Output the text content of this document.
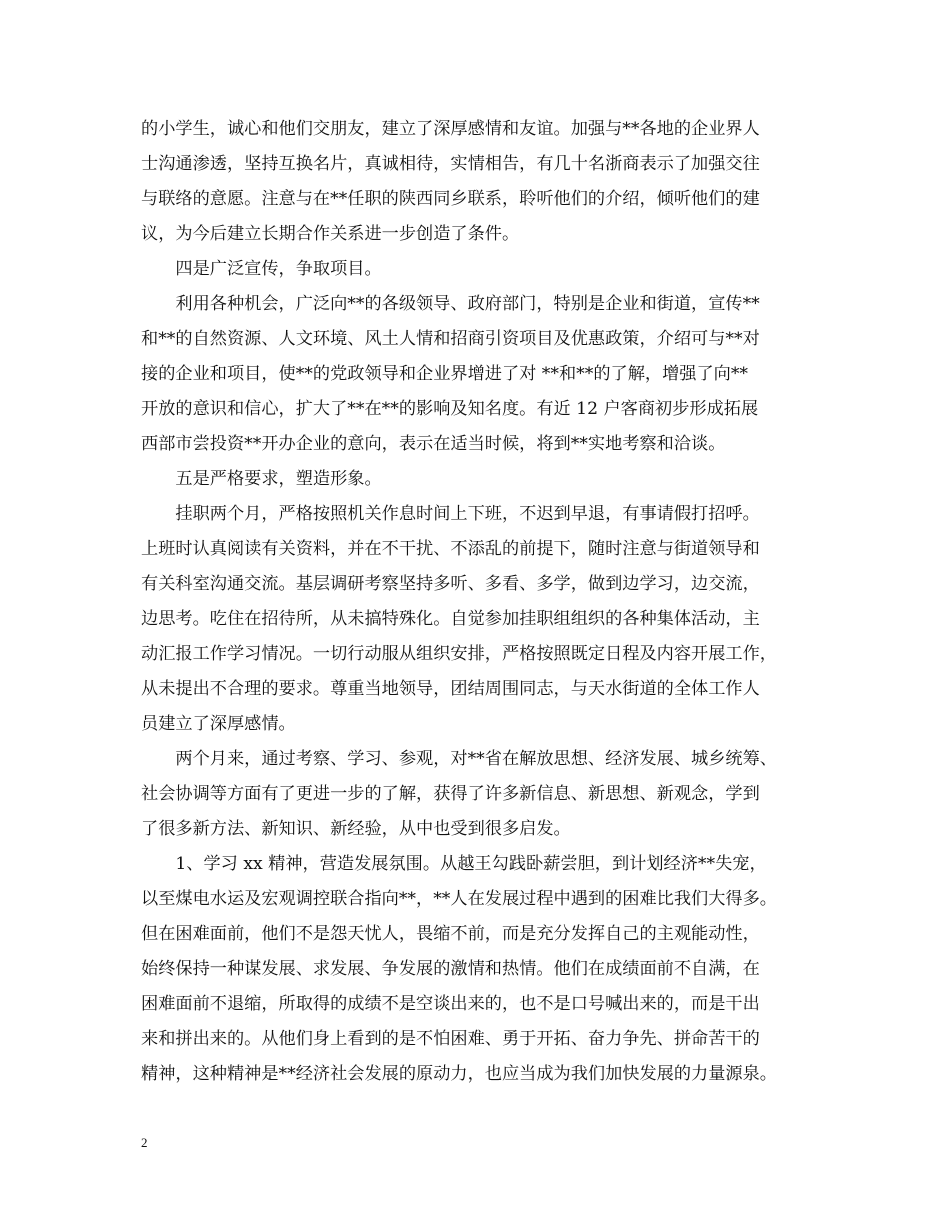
的小学生，诚心和他们交朋友，建立了深厚感情和友谊。加强与**各地的企业界人
士沟通渗透，坚持互换名片，真诚相待，实情相告，有几十名浙商表示了加强交往
与联络的意愿。注意与在**任职的陕西同乡联系，聆听他们的介绍，倾听他们的建
议，为今后建立长期合作关系进一步创造了条件。
　　四是广泛宣传，争取项目。
　　利用各种机会，广泛向**的各级领导、政府部门，特别是企业和街道，宣传**
和**的自然资源、人文环境、风土人情和招商引资项目及优惠政策，介绍可与**对
接的企业和项目，使**的党政领导和企业界增进了对 **和**的了解，增强了向**
开放的意识和信心，扩大了**在**的影响及知名度。有近 12 户客商初步形成拓展
西部市尝投资**开办企业的意向，表示在适当时候，将到**实地考察和洽谈。
　　五是严格要求，塑造形象。
　　挂职两个月，严格按照机关作息时间上下班，不迟到早退，有事请假打招呼。
上班时认真阅读有关资料，并在不干扰、不添乱的前提下，随时注意与街道领导和
有关科室沟通交流。基层调研考察坚持多听、多看、多学，做到边学习，边交流，
边思考。吃住在招待所，从未搞特殊化。自觉参加挂职组组织的各种集体活动，主
动汇报工作学习情况。一切行动服从组织安排，严格按照既定日程及内容开展工作，
从未提出不合理的要求。尊重当地领导，团结周围同志，与天水街道的全体工作人
员建立了深厚感情。
　　两个月来，通过考察、学习、参观，对**省在解放思想、经济发展、城乡统筹、
社会协调等方面有了更进一步的了解，获得了许多新信息、新思想、新观念，学到
了很多新方法、新知识、新经验，从中也受到很多启发。
　　1、学习 xx 精神，营造发展氛围。从越王勾践卧薪尝胆，到计划经济**失宠，
以至煤电水运及宏观调控联合指向**，**人在发展过程中遇到的困难比我们大得多。
但在困难面前，他们不是怨天忧人，畏缩不前，而是充分发挥自己的主观能动性，
始终保持一种谋发展、求发展、争发展的激情和热情。他们在成绩面前不自满，在
困难面前不退缩，所取得的成绩不是空谈出来的，也不是口号喊出来的，而是干出
来和拼出来的。从他们身上看到的是不怕困难、勇于开拓、奋力争先、拼命苦干的
精神，这种精神是**经济社会发展的原动力，也应当成为我们加快发展的力量源泉。
2
